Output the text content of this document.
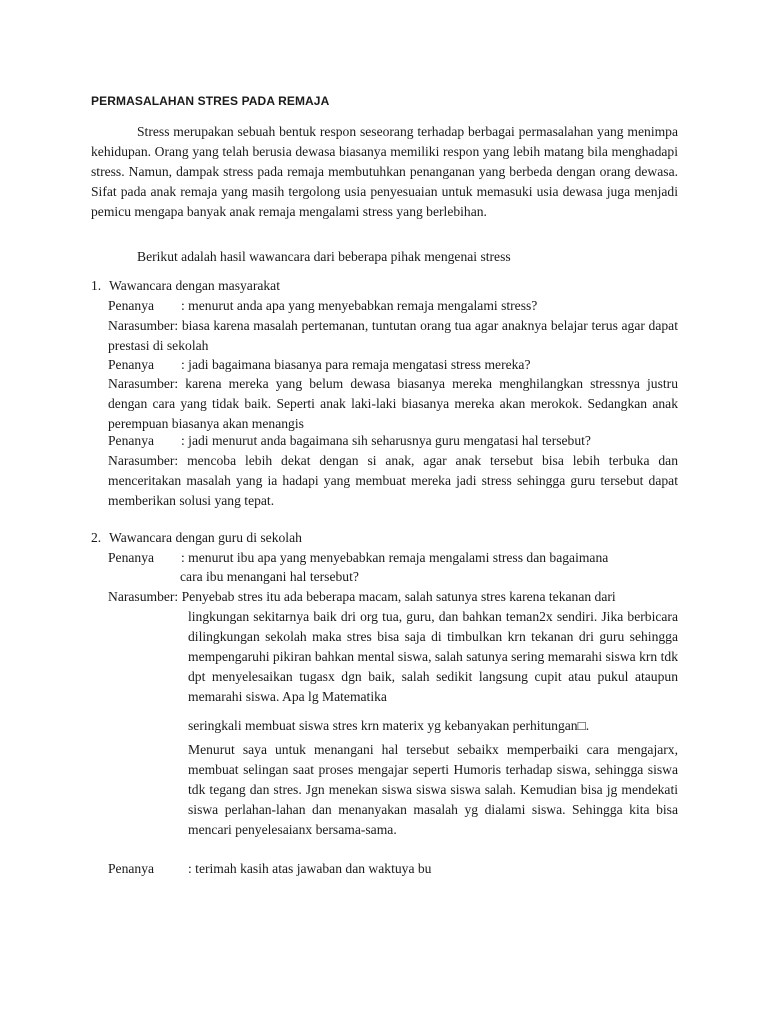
PERMASALAHAN STRES PADA REMAJA

Stress merupakan sebuah bentuk respon seseorang terhadap berbagai permasalahan yang menimpa kehidupan. Orang yang telah berusia dewasa biasanya memiliki respon yang lebih matang bila menghadapi stress. Namun, dampak stress pada remaja membutuhkan penanganan yang berbeda dengan orang dewasa. Sifat pada anak remaja yang masih tergolong usia penyesuaian untuk memasuki usia dewasa juga menjadi pemicu mengapa banyak anak remaja mengalami stress yang berlebihan.

Berikut adalah hasil wawancara dari beberapa pihak mengenai stress

1. Wawancara dengan masyarakat

Penanya : menurut anda apa yang menyebabkan remaja mengalami stress?

Narasumber: biasa karena masalah pertemanan, tuntutan orang tua agar anaknya belajar terus agar dapat prestasi di sekolah

Penanya : jadi bagaimana biasanya para remaja mengatasi stress mereka?

Narasumber: karena mereka yang belum dewasa biasanya mereka menghilangkan stressnya justru dengan cara yang tidak baik. Seperti anak laki-laki biasanya mereka akan merokok. Sedangkan anak perempuan biasanya akan menangis

Penanya : jadi menurut anda bagaimana sih seharusnya guru mengatasi hal tersebut?

Narasumber: mencoba lebih dekat dengan si anak, agar anak tersebut bisa lebih terbuka dan menceritakan masalah yang ia hadapi yang membuat mereka jadi stress sehingga guru tersebut dapat memberikan solusi yang tepat.

2. Wawancara dengan guru di sekolah

Penanya : menurut ibu apa yang menyebabkan remaja mengalami stress dan bagaimana

cara ibu menangani hal tersebut?

Narasumber: Penyebab stres itu ada beberapa macam, salah satunya stres karena tekanan dari

lingkungan sekitarnya baik dri org tua, guru, dan bahkan teman2x sendiri. Jika berbicara dilingkungan sekolah maka stres bisa saja di timbulkan krn tekanan dri guru sehingga mempengaruhi pikiran bahkan mental siswa, salah satunya sering memarahi siswa krn tdk dpt menyelesaikan tugasx dgn baik, salah sedikit langsung cupit atau pukul ataupun memarahi siswa. Apa lg Matematika

seringkali membuat siswa stres krn materix yg kebanyakan perhitungan□.

Menurut saya untuk menangani hal tersebut sebaikx memperbaiki cara mengajarx, membuat selingan saat proses mengajar seperti Humoris terhadap siswa, sehingga siswa tdk tegang dan stres. Jgn menekan siswa siswa siswa salah. Kemudian bisa jg mendekati siswa perlahan-lahan dan menanyakan masalah yg dialami siswa. Sehingga kita bisa mencari penyelesaianx bersama-sama.

Penanya : terimah kasih atas jawaban dan waktuya bu
